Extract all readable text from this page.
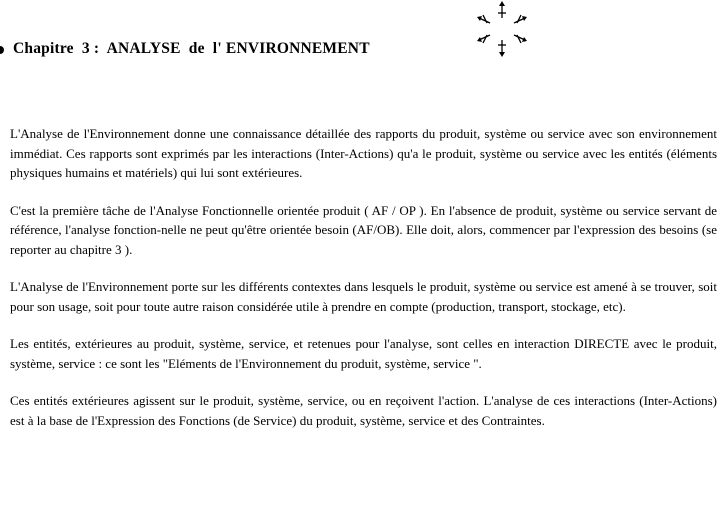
Chapitre  3 :  ANALYSE  de  l' ENVIRONNEMENT

L'Analyse de l'Environnement donne une connaissance détaillée des rapports du produit, système ou service avec son environnement immédiat. Ces rapports sont exprimés par les interactions (Inter-Actions) qu'a le produit, système ou service avec les entités (éléments physiques humains et matériels) qui lui sont extérieures.

C'est la première tâche de l'Analyse Fonctionnelle orientée produit ( AF / OP ). En l'absence de produit, système ou service servant de référence, l'analyse fonction-nelle ne peut qu'être orientée besoin (AF/OB). Elle doit, alors, commencer par l'expression des besoins (se reporter au chapitre 3 ).

L'Analyse de l'Environnement porte sur les différents contextes dans lesquels le produit, système ou service est amené à se trouver, soit pour son usage, soit pour toute autre raison considérée utile à prendre en compte (production, transport, stockage, etc).

Les entités, extérieures au produit, système, service, et retenues pour l'analyse, sont celles en interaction DIRECTE avec le produit, système, service : ce sont les "Eléments de l'Environnement du produit, système, service ".

Ces entités extérieures agissent sur le produit, système, service, ou en reçoivent l'action. L'analyse de ces interactions (Inter-Actions) est à la base de l'Expression des Fonctions (de Service) du produit, système, service et des Contraintes.
